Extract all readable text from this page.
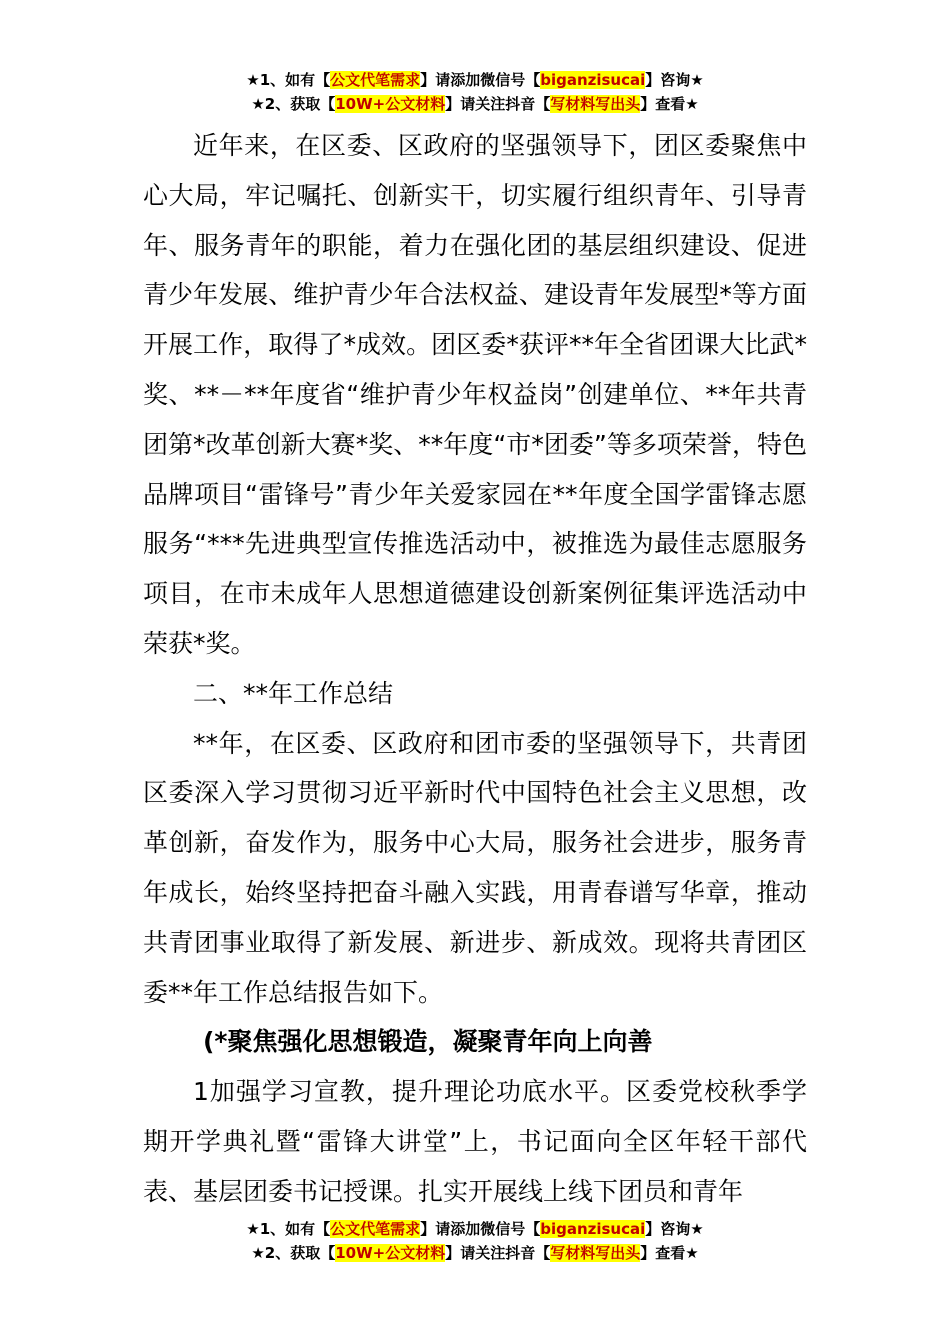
★1、如有【公文代笔需求】请添加微信号【biganzisucai】咨询★
★2、获取【10W+公文材料】请关注抖音【写材料写出头】查看★

近年来，在区委、区政府的坚强领导下，团区委聚焦中心大局，牢记嘱托、创新实干，切实履行组织青年、引导青年、服务青年的职能，着力在强化团的基层组织建设、促进青少年发展、维护青少年合法权益、建设青年发展型*等方面开展工作，取得了*成效。团区委*获评**年全省团课大比武*奖、**－**年度省“维护青少年权益岗”创建单位、**年共青团第*改革创新大赛*奖、**年度“市*团委”等多项荣誉，特色品牌项目“雷锋号”青少年关爱家园在**年度全国学雷锋志愿服务“***先进典型宣传推选活动中，被推选为最佳志愿服务项目，在市未成年人思想道德建设创新案例征集评选活动中荣获*奖。

二、**年工作总结

**年，在区委、区政府和团市委的坚强领导下，共青团区委深入学习贯彻习近平新时代中国特色社会主义思想，改革创新，奋发作为，服务中心大局，服务社会进步，服务青年成长，始终坚持把奋斗融入实践，用青春谱写华章，推动共青团事业取得了新发展、新进步、新成效。现将共青团区委**年工作总结报告如下。

(*聚焦强化思想锻造，凝聚青年向上向善

1加强学习宣教，提升理论功底水平。区委党校秋季学期开学典礼暨“雷锋大讲堂”上，书记面向全区年轻干部代表、基层团委书记授课。扎实开展线上线下团员和青年

★1、如有【公文代笔需求】请添加微信号【biganzisucai】咨询★
★2、获取【10W+公文材料】请关注抖音【写材料写出头】查看★
